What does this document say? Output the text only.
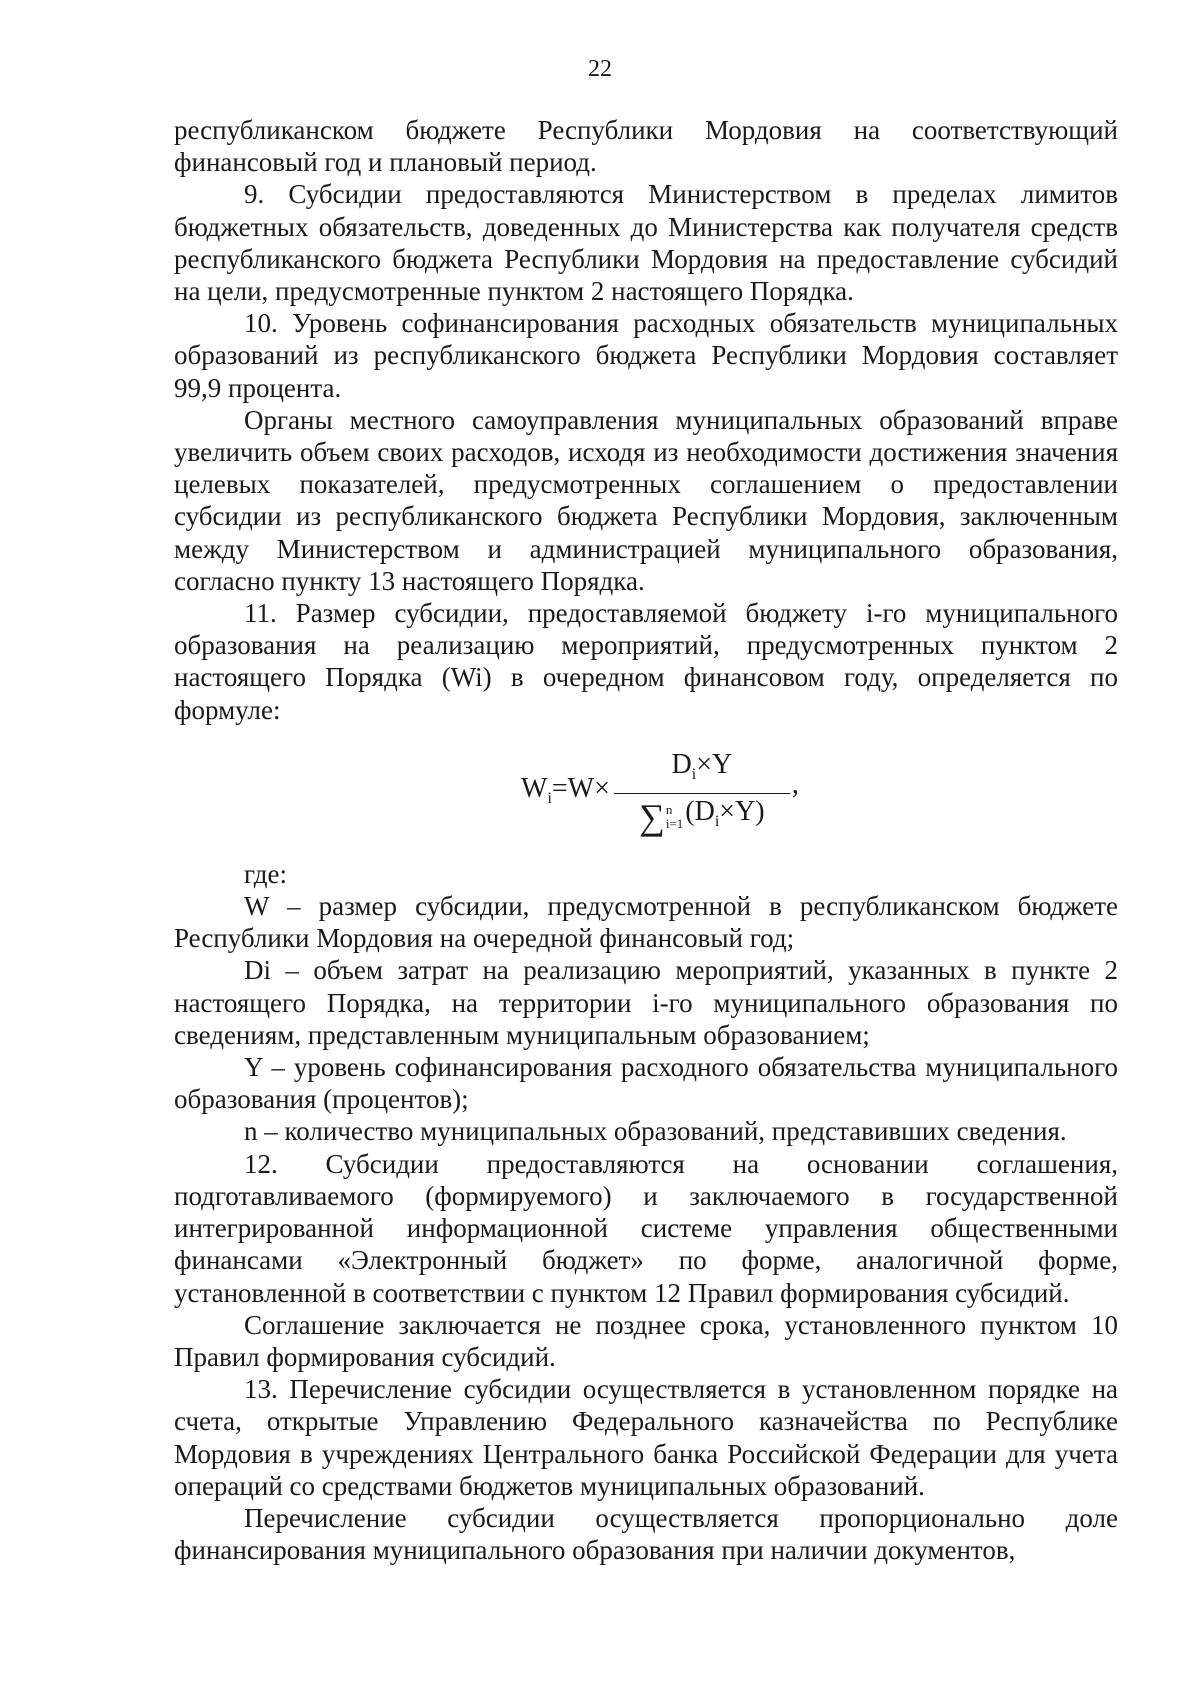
22

республиканском бюджете Республики Мордовия на соответствующий финансовый год и плановый период.

9. Субсидии предоставляются Министерством в пределах лимитов бюджетных обязательств, доведенных до Министерства как получателя средств республиканского бюджета Республики Мордовия на предоставление субсидий на цели, предусмотренные пунктом 2 настоящего Порядка.

10. Уровень софинансирования расходных обязательств муниципальных образований из республиканского бюджета Республики Мордовия составляет 99,9 процента.

Органы местного самоуправления муниципальных образований вправе увеличить объем своих расходов, исходя из необходимости достижения значения целевых показателей, предусмотренных соглашением о предоставлении субсидии из республиканского бюджета Республики Мордовия, заключенным между Министерством и администрацией муниципального образования, согласно пункту 13 настоящего Порядка.

11. Размер субсидии, предоставляемой бюджету i-го муниципального образования на реализацию мероприятий, предусмотренных пунктом 2 настоящего Порядка (Wi) в очередном финансовом году, определяется по формуле:

$W_i=W\times$
$D_i\times Y$
∑ n
i=1 $(D_i\times Y)$
,

где:

W – размер субсидии, предусмотренной в республиканском бюджете Республики Мордовия на очередной финансовый год;

Di – объем затрат на реализацию мероприятий, указанных в пункте 2 настоящего Порядка, на территории i-го муниципального образования по сведениям, представленным муниципальным образованием;

Y – уровень софинансирования расходного обязательства муниципального образования (процентов);

n – количество муниципальных образований, представивших сведения.

12. Субсидии предоставляются на основании соглашения, подготавливаемого (формируемого) и заключаемого в государственной интегрированной информационной системе управления общественными финансами «Электронный бюджет» по форме, аналогичной форме, установленной в соответствии с пунктом 12 Правил формирования субсидий.

Соглашение заключается не позднее срока, установленного пунктом 10 Правил формирования субсидий.

13. Перечисление субсидии осуществляется в установленном порядке на счета, открытые Управлению Федерального казначейства по Республике Мордовия в учреждениях Центрального банка Российской Федерации для учета операций со средствами бюджетов муниципальных образований.

Перечисление субсидии осуществляется пропорционально доле финансирования муниципального образования при наличии документов,
